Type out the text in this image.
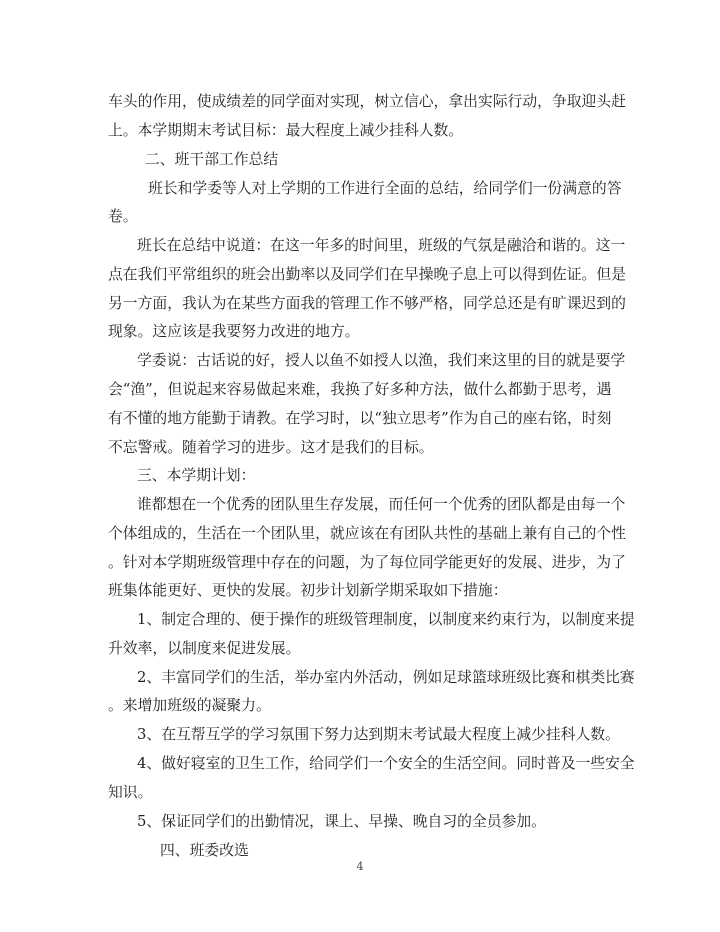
车头的作用，使成绩差的同学面对实现，树立信心，拿出实际行动，争取迎头赶
上。本学期期末考试目标：最大程度上减少挂科人数。
二、班干部工作总结
班长和学委等人对上学期的工作进行全面的总结，给同学们一份满意的答
卷。
班长在总结中说道：在这一年多的时间里，班级的气氛是融洽和谐的。这一
点在我们平常组织的班会出勤率以及同学们在早操晚子息上可以得到佐证。但是
另一方面，我认为在某些方面我的管理工作不够严格，同学总还是有旷课迟到的
现象。这应该是我要努力改进的地方。
学委说：古话说的好，授人以鱼不如授人以渔，我们来这里的目的就是要学
会“渔”，但说起来容易做起来难，我换了好多种方法，做什么都勤于思考，遇
有不懂的地方能勤于请教。在学习时，以“独立思考”作为自己的座右铭，时刻
不忘警戒。随着学习的进步。这才是我们的目标。
三、本学期计划：
谁都想在一个优秀的团队里生存发展，而任何一个优秀的团队都是由每一个
个体组成的，生活在一个团队里，就应该在有团队共性的基础上兼有自己的个性
。针对本学期班级管理中存在的问题，为了每位同学能更好的发展、进步，为了
班集体能更好、更快的发展。初步计划新学期采取如下措施：
1、制定合理的、便于操作的班级管理制度，以制度来约束行为，以制度来提
升效率，以制度来促进发展。
2、丰富同学们的生活，举办室内外活动，例如足球篮球班级比赛和棋类比赛
。来增加班级的凝聚力。
3、在互帮互学的学习氛围下努力达到期末考试最大程度上减少挂科人数。
4、做好寝室的卫生工作，给同学们一个安全的生活空间。同时普及一些安全
知识。
5、保证同学们的出勤情况，课上、早操、晚自习的全员参加。
四、班委改选
4
